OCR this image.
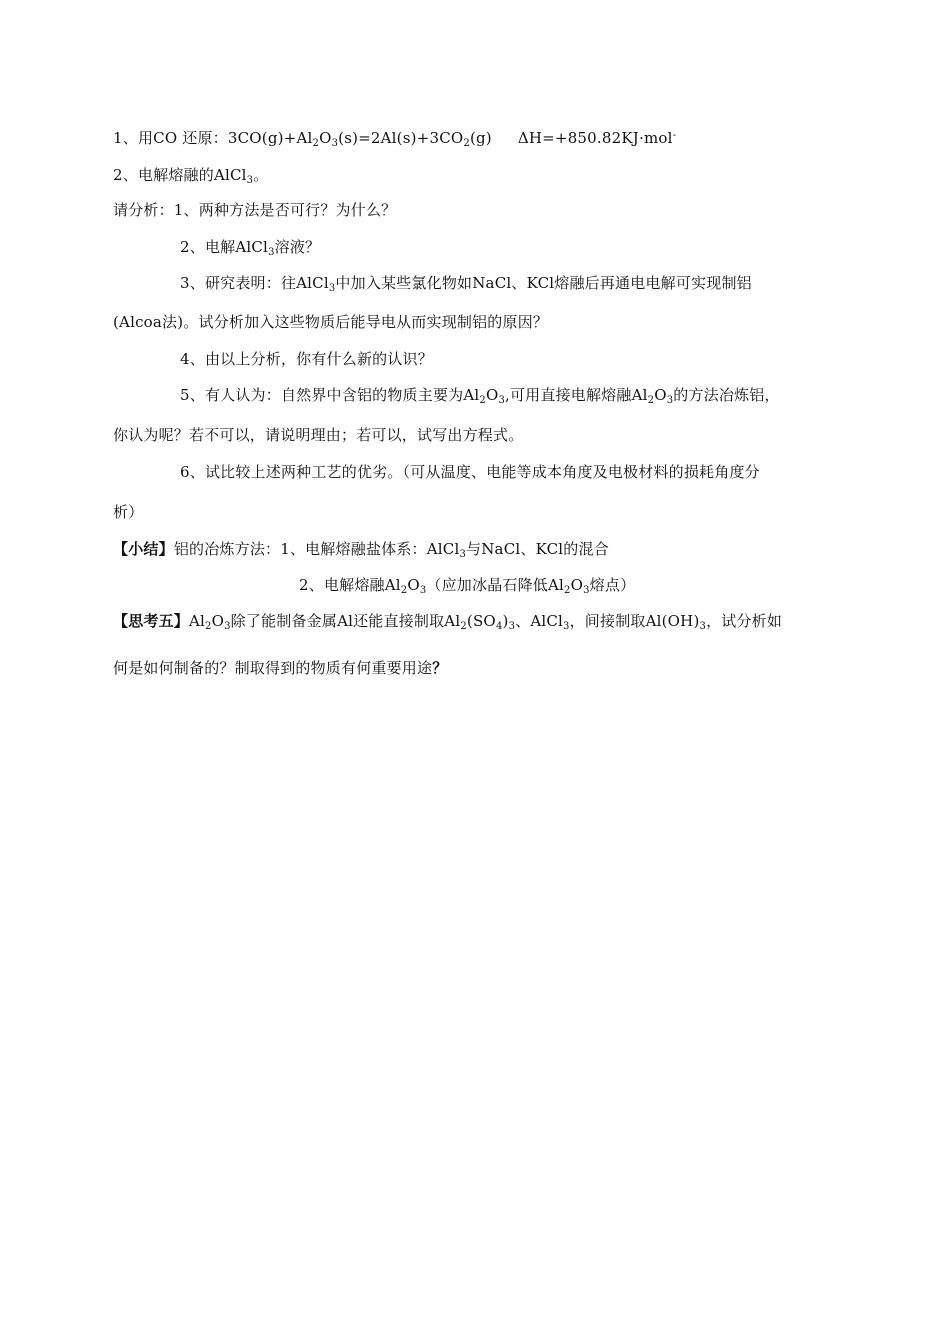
1、用CO 还原：$3CO(g)+Al_2O_3(s)=2Al(s)+3CO_2(g)$ ΔH=+850.82KJ·mol-
2、电解熔融的AlCl$_3$。
请分析：1、两种方法是否可行？为什么？
2、电解AlCl$_3$溶液？
3、研究表明：往AlCl$_3$中加入某些氯化物如NaCl、KCl熔融后再通电电解可实现制铝
(Alcoa法)。试分析加入这些物质后能导电从而实现制铝的原因？
4、由以上分析，你有什么新的认识？
5、有人认为：自然界中含铝的物质主要为$Al_2O_3$,可用直接电解熔融$Al_2O_3$的方法冶炼铝，
你认为呢？若不可以，请说明理由；若可以，试写出方程式。
6、试比较上述两种工艺的优劣。（可从温度、电能等成本角度及电极材料的损耗角度分
析）
【小结】铝的冶炼方法：1、电解熔融盐体系：AlCl$_3$与NaCl、KCl的混合
2、电解熔融$Al_2O_3$（应加冰晶石降低$Al_2O_3$熔点）
【思考五】$Al_2O_3$除了能制备金属Al还能直接制取$Al_2(SO_4)_3$、AlCl$_3$，间接制取$Al(OH)_3$，试分析如
何是如何制备的？制取得到的物质有何重要用途？
